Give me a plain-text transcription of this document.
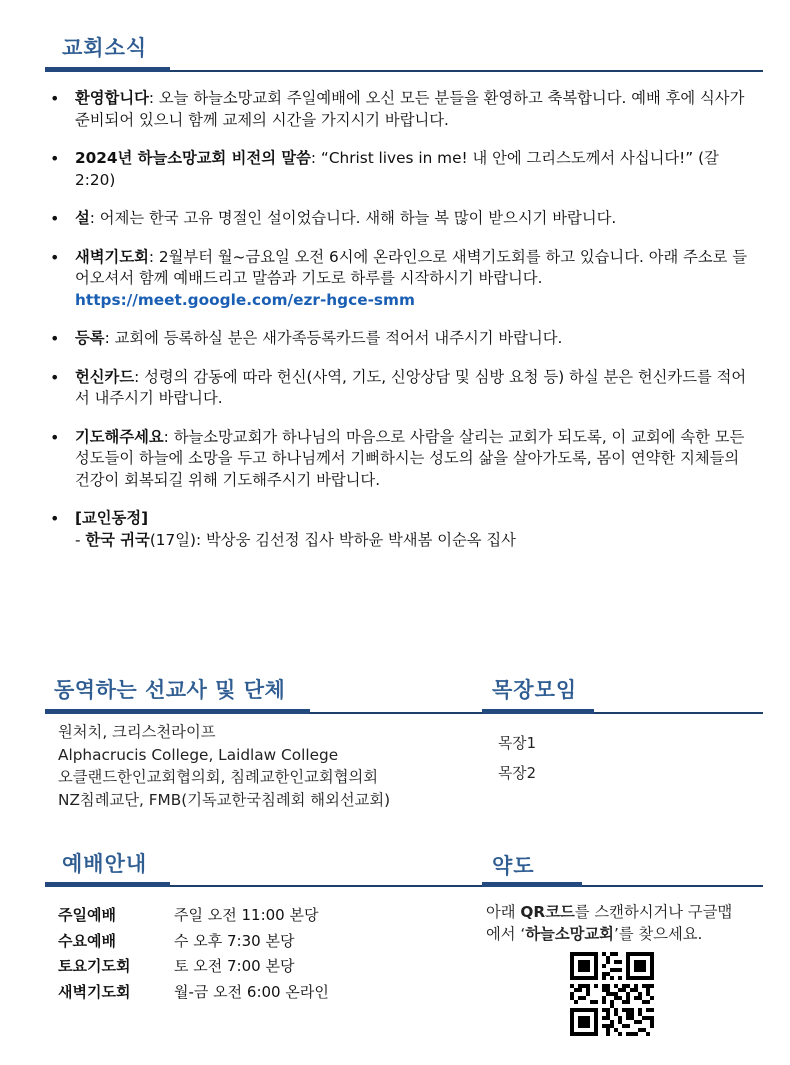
교회소식
• 환영합니다: 오늘 하늘소망교회 주일예배에 오신 모든 분들을 환영하고 축복합니다. 예배 후에 식사가 준비되어 있으니 함께 교제의 시간을 가지시기 바랍니다.
• 2024년 하늘소망교회 비전의 말씀: “Christ lives in me! 내 안에 그리스도께서 사십니다!” (갈 2:20)
• 설: 어제는 한국 고유 명절인 설이었습니다. 새해 하늘 복 많이 받으시기 바랍니다.
• 새벽기도회: 2월부터 월~금요일 오전 6시에 온라인으로 새벽기도회를 하고 있습니다. 아래 주소로 들어오셔서 함께 예배드리고 말씀과 기도로 하루를 시작하시기 바랍니다.
https://meet.google.com/ezr-hgce-smm
• 등록: 교회에 등록하실 분은 새가족등록카드를 적어서 내주시기 바랍니다.
• 헌신카드: 성령의 감동에 따라 헌신(사역, 기도, 신앙상담 및 심방 요청 등) 하실 분은 헌신카드를 적어서 내주시기 바랍니다.
• 기도해주세요: 하늘소망교회가 하나님의 마음으로 사람을 살리는 교회가 되도록, 이 교회에 속한 모든 성도들이 하늘에 소망을 두고 하나님께서 기뻐하시는 성도의 삶을 살아가도록, 몸이 연약한 지체들의 건강이 회복되길 위해 기도해주시기 바랍니다.
• [교인동정]
- 한국 귀국(17일): 박상웅 김선정 집사 박하윤 박새봄 이순옥 집사
동역하는 선교사 및 단체
원처치, 크리스천라이프
Alphacrucis College, Laidlaw College
오클랜드한인교회협의회, 침례교한인교회협의회
NZ침례교단, FMB(기독교한국침례회 해외선교회)
목장모임
목장1
목장2
예배안내
주일예배	주일 오전 11:00 본당
수요예배	수 오후 7:30 본당
토요기도회	토 오전 7:00 본당
새벽기도회	월-금 오전 6:00 온라인
약도
아래 QR코드를 스캔하시거나 구글맵
에서 ‘하늘소망교회’를 찾으세요.
